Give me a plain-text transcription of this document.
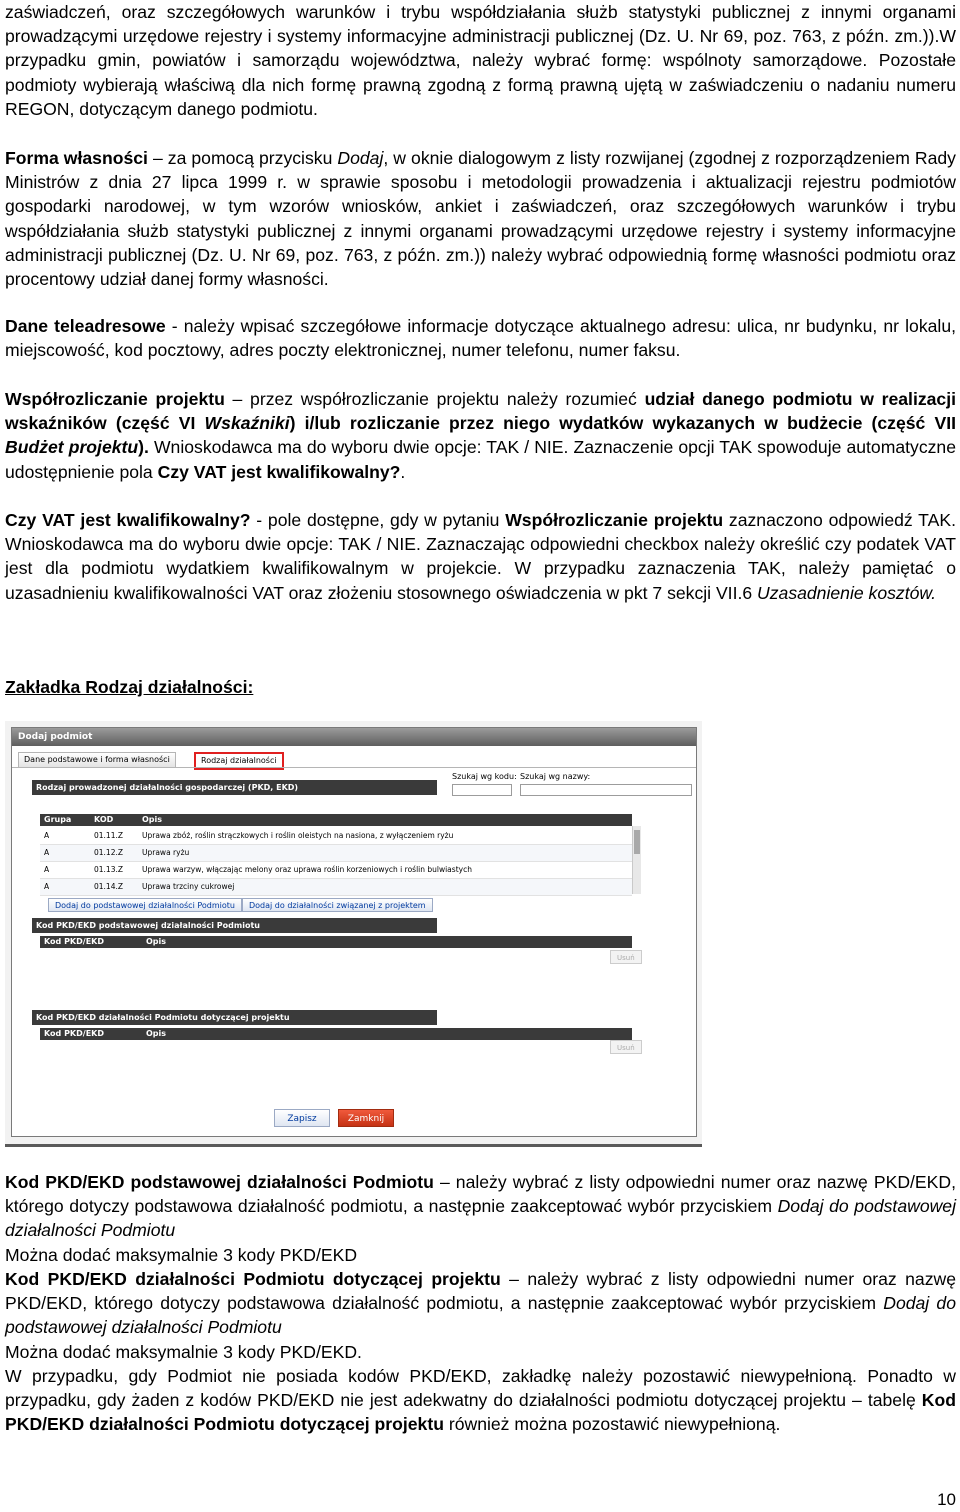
zaświadczeń, oraz szczegółowych warunków i trybu współdziałania służb statystyki publicznej z innymi organami prowadzącymi urzędowe rejestry i systemy informacyjne administracji publicznej (Dz. U. Nr 69, poz. 763, z późn. zm.)).W przypadku gmin, powiatów i samorządu województwa, należy wybrać formę: wspólnoty samorządowe. Pozostałe podmioty wybierają właściwą dla nich formę prawną zgodną z formą prawną ujętą w zaświadczeniu o nadaniu numeru REGON, dotyczącym danego podmiotu.
Forma własności – za pomocą przycisku Dodaj, w oknie dialogowym z listy rozwijanej (zgodnej z rozporządzeniem Rady Ministrów z dnia 27 lipca 1999 r. w sprawie sposobu i metodologii prowadzenia i aktualizacji rejestru podmiotów gospodarki narodowej, w tym wzorów wniosków, ankiet i zaświadczeń, oraz szczegółowych warunków i trybu współdziałania służb statystyki publicznej z innymi organami prowadzącymi urzędowe rejestry i systemy informacyjne administracji publicznej (Dz. U. Nr 69, poz. 763, z późn. zm.)) należy wybrać odpowiednią formę własności podmiotu oraz procentowy udział danej formy własności.
Dane teleadresowe - należy wpisać szczegółowe informacje dotyczące aktualnego adresu: ulica, nr budynku, nr lokalu, miejscowość, kod pocztowy, adres poczty elektronicznej, numer telefonu, numer faksu.
Współrozliczanie projektu – przez współrozliczanie projektu należy rozumieć udział danego podmiotu w realizacji wskaźników (część VI Wskaźniki) i/lub rozliczanie przez niego wydatków wykazanych w budżecie (część VII Budżet projektu). Wnioskodawca ma do wyboru dwie opcje: TAK / NIE. Zaznaczenie opcji TAK spowoduje automatyczne udostępnienie pola Czy VAT jest kwalifikowalny?.
Czy VAT jest kwalifikowalny? - pole dostępne, gdy w pytaniu Współrozliczanie projektu zaznaczono odpowiedź TAK. Wnioskodawca ma do wyboru dwie opcje: TAK / NIE. Zaznaczając odpowiedni checkbox należy określić czy podatek VAT jest dla podmiotu wydatkiem kwalifikowalnym w projekcie. W przypadku zaznaczenia TAK, należy pamiętać o uzasadnieniu kwalifikowalności VAT oraz złożeniu stosownego oświadczenia w pkt 7 sekcji VII.6 Uzasadnienie kosztów.
Zakładka Rodzaj działalności:
Dodaj podmiot
Dane podstawowe i forma własności	Rodzaj działalności
Rodzaj prowadzonej działalności gospodarczej (PKD, EKD)
Szukaj wg kodu: Szukaj wg nazwy:
Grupa	KOD	Opis
A	01.11.Z	Uprawa zbóż, roślin strączkowych i roślin oleistych na nasiona, z wyłączeniem ryżu
A	01.12.Z	Uprawa ryżu
A	01.13.Z	Uprawa warzyw, włączając melony oraz uprawa roślin korzeniowych i roślin bulwiastych
A	01.14.Z	Uprawa trzciny cukrowej
Dodaj do podstawowej działalności Podmiotu	Dodaj do działalności związanej z projektem
Kod PKD/EKD podstawowej działalności Podmiotu
Kod PKD/EKD	Opis
Usuń
Kod PKD/EKD działalności Podmiotu dotyczącej projektu
Kod PKD/EKD	Opis
Usuń
Zapisz	Zamknij
Kod PKD/EKD podstawowej działalności Podmiotu – należy wybrać z listy odpowiedni numer oraz nazwę PKD/EKD, którego dotyczy podstawowa działalność podmiotu, a następnie zaakceptować wybór przyciskiem Dodaj do podstawowej działalności Podmiotu
Można dodać maksymalnie 3 kody PKD/EKD
Kod PKD/EKD działalności Podmiotu dotyczącej projektu – należy wybrać z listy odpowiedni numer oraz nazwę PKD/EKD, którego dotyczy podstawowa działalność podmiotu, a następnie zaakceptować wybór przyciskiem Dodaj do podstawowej działalności Podmiotu
Można dodać maksymalnie 3 kody PKD/EKD.
W przypadku, gdy Podmiot nie posiada kodów PKD/EKD, zakładkę należy pozostawić niewypełnioną. Ponadto w przypadku, gdy żaden z kodów PKD/EKD nie jest adekwatny do działalności podmiotu dotyczącej projektu – tabelę Kod PKD/EKD działalności Podmiotu dotyczącej projektu również można pozostawić niewypełnioną.
10
